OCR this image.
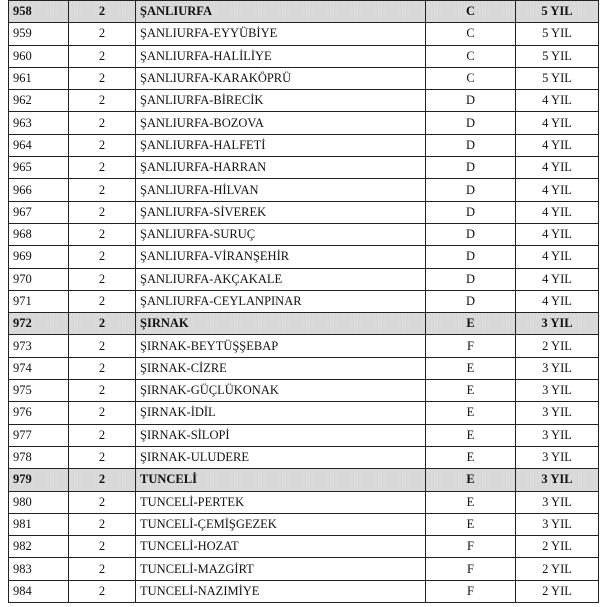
958	2	ŞANLIURFA	C	5 YIL
959	2	ŞANLIURFA-EYYÜBİYE	C	5 YIL
960	2	ŞANLIURFA-HALİLİYE	C	5 YIL
961	2	ŞANLIURFA-KARAKÖPRÜ	C	5 YIL
962	2	ŞANLIURFA-BİRECİK	D	4 YIL
963	2	ŞANLIURFA-BOZOVA	D	4 YIL
964	2	ŞANLIURFA-HALFETİ	D	4 YIL
965	2	ŞANLIURFA-HARRAN	D	4 YIL
966	2	ŞANLIURFA-HİLVAN	D	4 YIL
967	2	ŞANLIURFA-SİVEREK	D	4 YIL
968	2	ŞANLIURFA-SURUÇ	D	4 YIL
969	2	ŞANLIURFA-VİRANŞEHİR	D	4 YIL
970	2	ŞANLIURFA-AKÇAKALE	D	4 YIL
971	2	ŞANLIURFA-CEYLANPINAR	D	4 YIL
972	2	ŞIRNAK	E	3 YIL
973	2	ŞIRNAK-BEYTÜŞŞEBAP	F	2 YIL
974	2	ŞIRNAK-CİZRE	E	3 YIL
975	2	ŞIRNAK-GÜÇLÜKONAK	E	3 YIL
976	2	ŞIRNAK-İDİL	E	3 YIL
977	2	ŞIRNAK-SİLOPİ	E	3 YIL
978	2	ŞIRNAK-ULUDERE	E	3 YIL
979	2	TUNCELİ	E	3 YIL
980	2	TUNCELİ-PERTEK	E	3 YIL
981	2	TUNCELİ-ÇEMİŞGEZEK	E	3 YIL
982	2	TUNCELİ-HOZAT	F	2 YIL
983	2	TUNCELİ-MAZGİRT	F	2 YIL
984	2	TUNCELİ-NAZIMİYE	F	2 YIL
